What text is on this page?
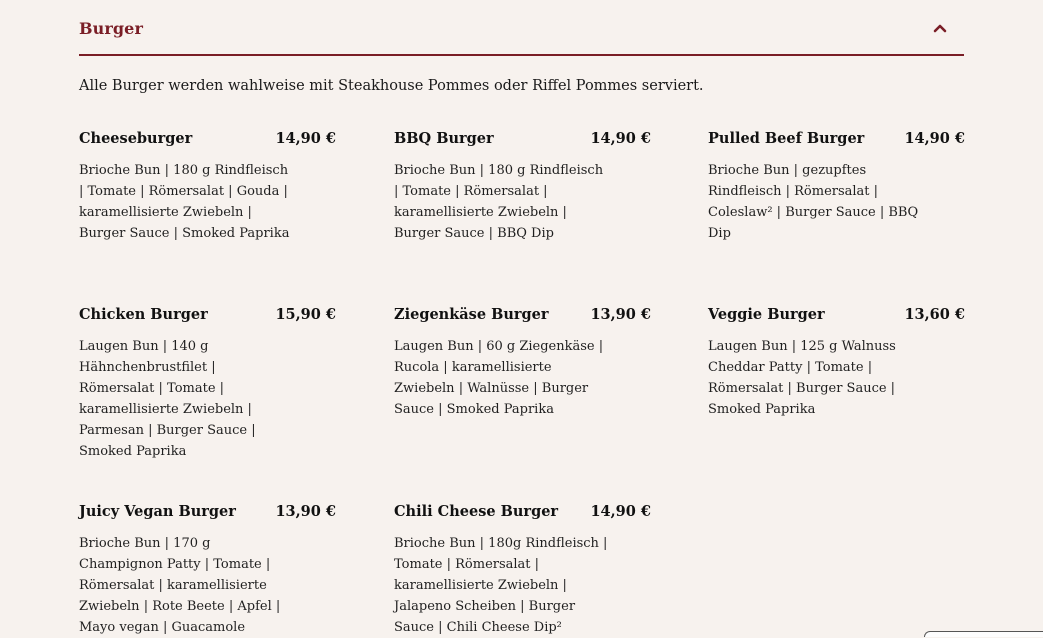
Burger
Alle Burger werden wahlweise mit Steakhouse Pommes oder Riffel Pommes serviert.
Cheeseburger	14,90 €
Brioche Bun | 180 g Rindfleisch | Tomate | Römersalat | Gouda | karamellisierte Zwiebeln | Burger Sauce | Smoked Paprika
BBQ Burger	14,90 €
Brioche Bun | 180 g Rindfleisch | Tomate | Römersalat | karamellisierte Zwiebeln | Burger Sauce | BBQ Dip
Pulled Beef Burger	14,90 €
Brioche Bun | gezupftes Rindfleisch | Römersalat | Coleslaw² | Burger Sauce | BBQ Dip
Chicken Burger	15,90 €
Laugen Bun | 140 g Hähnchenbrustfilet | Römersalat | Tomate | karamellisierte Zwiebeln | Parmesan | Burger Sauce | Smoked Paprika
Ziegenkäse Burger	13,90 €
Laugen Bun | 60 g Ziegenkäse | Rucola | karamellisierte Zwiebeln | Walnüsse | Burger Sauce | Smoked Paprika
Veggie Burger	13,60 €
Laugen Bun | 125 g Walnuss Cheddar Patty | Tomate | Römersalat | Burger Sauce | Smoked Paprika
Juicy Vegan Burger	13,90 €
Brioche Bun | 170 g Champignon Patty | Tomate | Römersalat | karamellisierte Zwiebeln | Rote Beete | Apfel | Mayo vegan | Guacamole
Chili Cheese Burger 14,90 €
Brioche Bun | 180g Rindfleisch | Tomate | Römersalat | karamellisierte Zwiebeln | Jalapeno Scheiben | Burger Sauce | Chili Cheese Dip²
